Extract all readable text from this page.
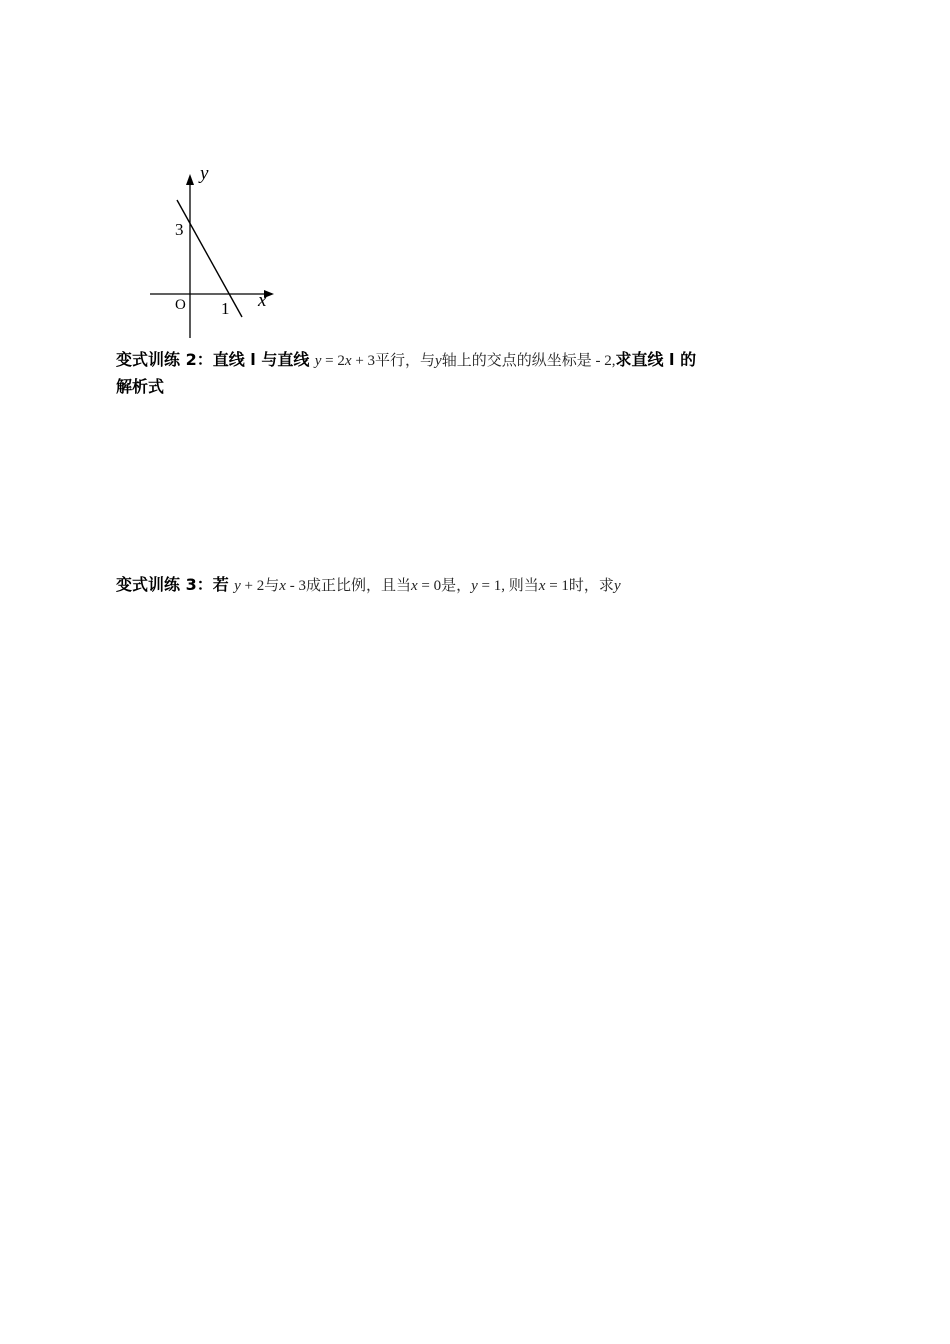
y
x
O
3
1
变式训练 2：直线 l 与直线 y = 2x + 3平行，与y轴上的交点的纵坐标是 - 2,求直线 l 的
解析式
变式训练 3：若 y + 2与x - 3成正比例，且当x = 0是，y = 1, 则当x = 1时，求y
